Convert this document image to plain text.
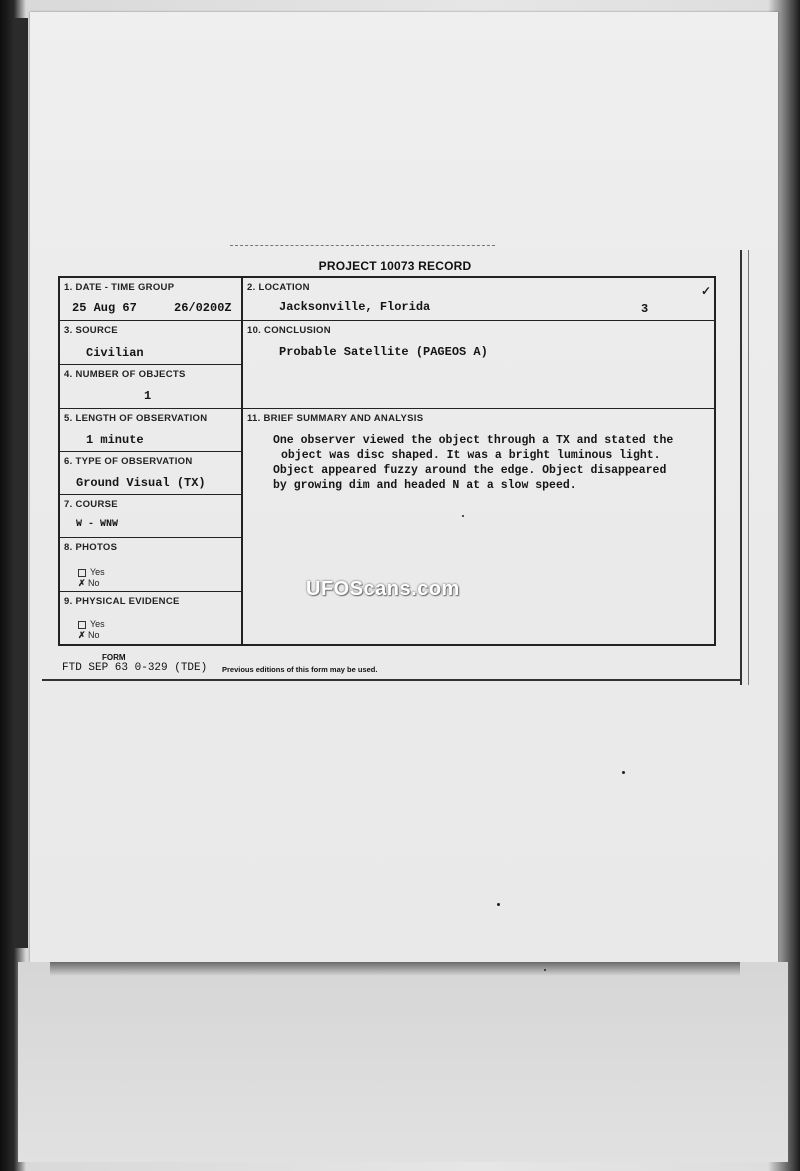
PROJECT 10073 RECORD
1. DATE - TIME GROUP
25 Aug 67	26/0200Z
3. SOURCE
Civilian
4. NUMBER OF OBJECTS
1
5. LENGTH OF OBSERVATION
1 minute
6. TYPE OF OBSERVATION
Ground Visual (TX)
7. COURSE
W - WNW
8. PHOTOS
Yes
✗ No
9. PHYSICAL EVIDENCE
Yes
✗ No
2. LOCATION
Jacksonville, Florida	3
✓
10. CONCLUSION
Probable Satellite (PAGEOS A)
11. BRIEF SUMMARY AND ANALYSIS
One observer viewed the object through a TX and stated the
object was disc shaped. It was a bright luminous light.
Object appeared fuzzy around the edge. Object disappeared
by growing dim and headed N at a slow speed.
FORM
FTD SEP 63 0-329 (TDE) Previous editions of this form may be used.
UFOScans.com
